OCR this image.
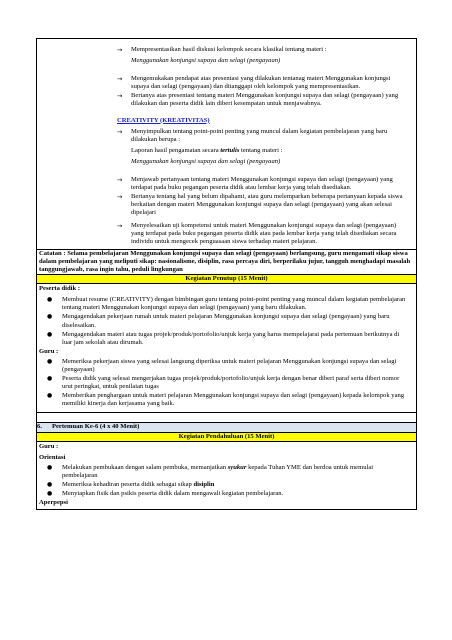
→ Mempresentasikan hasil diskusi kelompok secara klasikal tentang materi :
Menggunakan konjungsi supaya dan selagi (pengayaan)
→ Mengemukakan pendapat atas presentasi yang dilakukan tentanag materi Menggunakan konjungsi supaya dan selagi (pengayaan) dan ditanggapi oleh kelompok yang mempresentasikan.
→ Bertanya atas presentasi tentang materi Menggunakan konjungsi supaya dan selagi (pengayaan) yang dilakukan dan peserta didik lain diberi kesempatan untuk menjawabnya.
CREATIVITY (KREATIVITAS)
→ Menyimpulkan tentang point-point penting yang muncul dalam kegiatan pembelajaran yang baru dilakukan berupa :
Laporan hasil pengamatan secara tertulis tentang materi :
Menggunakan konjungsi supaya dan selagi (pengayaan)
→ Menjawab pertanyaan tentang materi Menggunakan konjungsi supaya dan selagi (pengayaan) yang terdapat pada buku pegangan peserta didik atau lembar kerja yang telah disediakan.
→ Bertanya tentang hal yang belum dipahami, atau guru melemparkan beberapa pertanyaan kepada siswa berkaitan dengan materi Menggunakan konjungsi supaya dan selagi (pengayaan) yang akan selesai dipelajari
→ Menyelesaikan uji kompetensi untuk materi Menggunakan konjungsi supaya dan selagi (pengayaan) yang terdapat pada buku pegangan peserta didik atau pada lembar kerja yang telah disediakan secara individu untuk mengecek penguasaan siswa terhadap materi pelajaran.

Catatan : Selama pembelajaran Menggunakan konjungsi supaya dan selagi (pengayaan) berlangsung, guru mengamati sikap siswa dalam pembelajaran yang meliputi sikap: nasionalisme, disiplin, rasa percaya diri, berperilaku jujur, tangguh menghadapi masalah tanggungjawab, rasa ingin tahu, peduli lingkungan
Kegiatan Penutup (15 Menit)

Peserta didik :
● Membuat resume (CREATIVITY) dengan bimbingan guru tentang point-point penting yang muncul dalam kegiatan pembelajaran tentang materi Menggunakan konjungsi supaya dan selagi (pengayaan) yang baru dilakukan.
● Mengagendakan pekerjaan rumah untuk materi pelajaran Menggunakan konjungsi supaya dan selagi (pengayaan) yang baru diselesaikan.
● Mengagendakan materi atau tugas projek/produk/portofolio/unjuk kerja yang harus mempelajarai pada pertemuan berikutnya di luar jam sekolah atau dirumah.
Guru :
● Memeriksa pekerjaan siswa yang selesai langsung diperiksa untuk materi pelajaran Menggunakan konjungsi supaya dan selagi (pengayaan)
● Peserta didik yang selesai mengerjakan tugas projek/produk/portofolio/unjuk kerja dengan benar diberi paraf serta diberi nomor urut peringkat, untuk penilaian tugas
● Memberikan penghargaan untuk materi pelajaran Menggunakan konjungsi supaya dan selagi (pengayaan) kepada kelompok yang memiliki kinerja dan kerjasama yang baik.

6. Pertemuan Ke-6 (4 x 40 Menit)
Kegiatan Pendahuluan (15 Menit)

Guru :
Orientasi
● Melakukan pembukaan dengan salam pembuka, memanjatkan syukur kepada Tuhan YME dan berdoa untuk memulai pembelajaran
● Memeriksa kehadiran peserta didik sebagai sikap disiplin
● Menyiapkan fisik dan psikis peserta didik dalam mengawali kegiatan pembelajaran.
Aperpepsi
